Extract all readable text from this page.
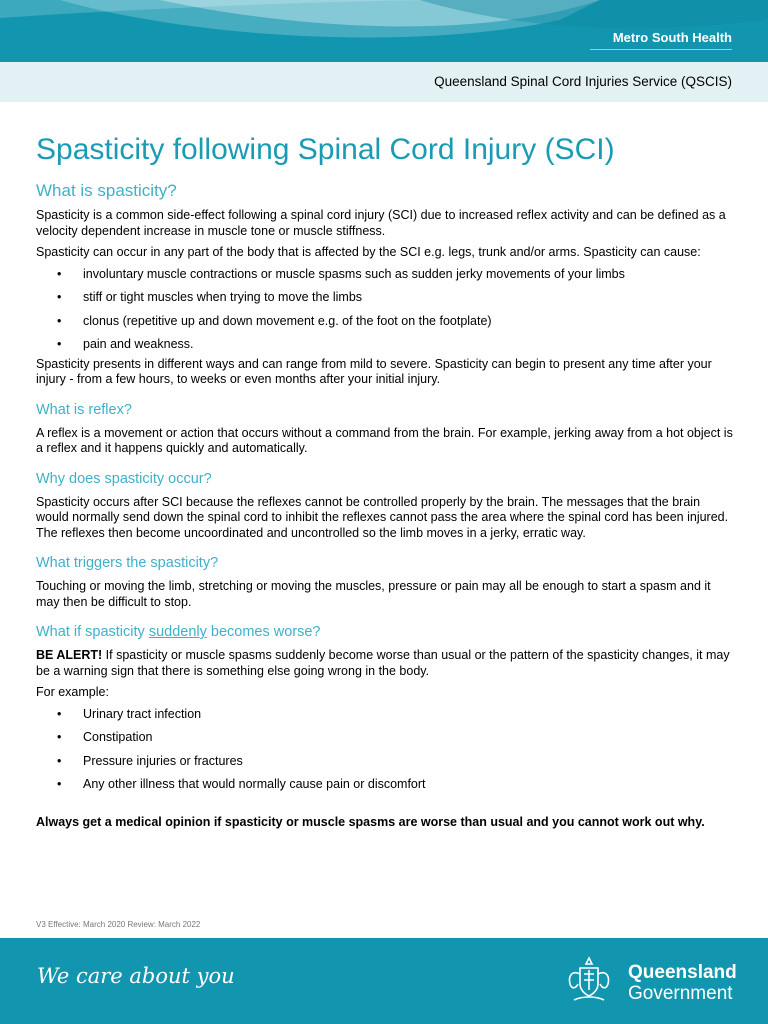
Metro South Health
Queensland Spinal Cord Injuries Service (QSCIS)
Spasticity following Spinal Cord Injury (SCI)
What is spasticity?

Spasticity is a common side-effect following a spinal cord injury (SCI) due to increased reflex activity and can be defined as a velocity dependent increase in muscle tone or muscle stiffness.

Spasticity can occur in any part of the body that is affected by the SCI e.g. legs, trunk and/or arms. Spasticity can cause:

• involuntary muscle contractions or muscle spasms such as sudden jerky movements of your limbs
• stiff or tight muscles when trying to move the limbs
• clonus (repetitive up and down movement e.g. of the foot on the footplate)
• pain and weakness.

Spasticity presents in different ways and can range from mild to severe. Spasticity can begin to present any time after your injury - from a few hours, to weeks or even months after your initial injury.

What is reflex?

A reflex is a movement or action that occurs without a command from the brain. For example, jerking away from a hot object is a reflex and it happens quickly and automatically.

Why does spasticity occur?

Spasticity occurs after SCI because the reflexes cannot be controlled properly by the brain. The messages that the brain would normally send down the spinal cord to inhibit the reflexes cannot pass the area where the spinal cord has been injured. The reflexes then become uncoordinated and uncontrolled so the limb moves in a jerky, erratic way.

What triggers the spasticity?

Touching or moving the limb, stretching or moving the muscles, pressure or pain may all be enough to start a spasm and it may then be difficult to stop.

What if spasticity suddenly becomes worse?

BE ALERT! If spasticity or muscle spasms suddenly become worse than usual or the pattern of the spasticity changes, it may be a warning sign that there is something else going wrong in the body.

For example:

• Urinary tract infection
• Constipation
• Pressure injuries or fractures
• Any other illness that would normally cause pain or discomfort

Always get a medical opinion if spasticity or muscle spasms are worse than usual and you cannot work out why.

V3 Effective: March 2020 Review: March 2022
We care about you	Queensland
Government
